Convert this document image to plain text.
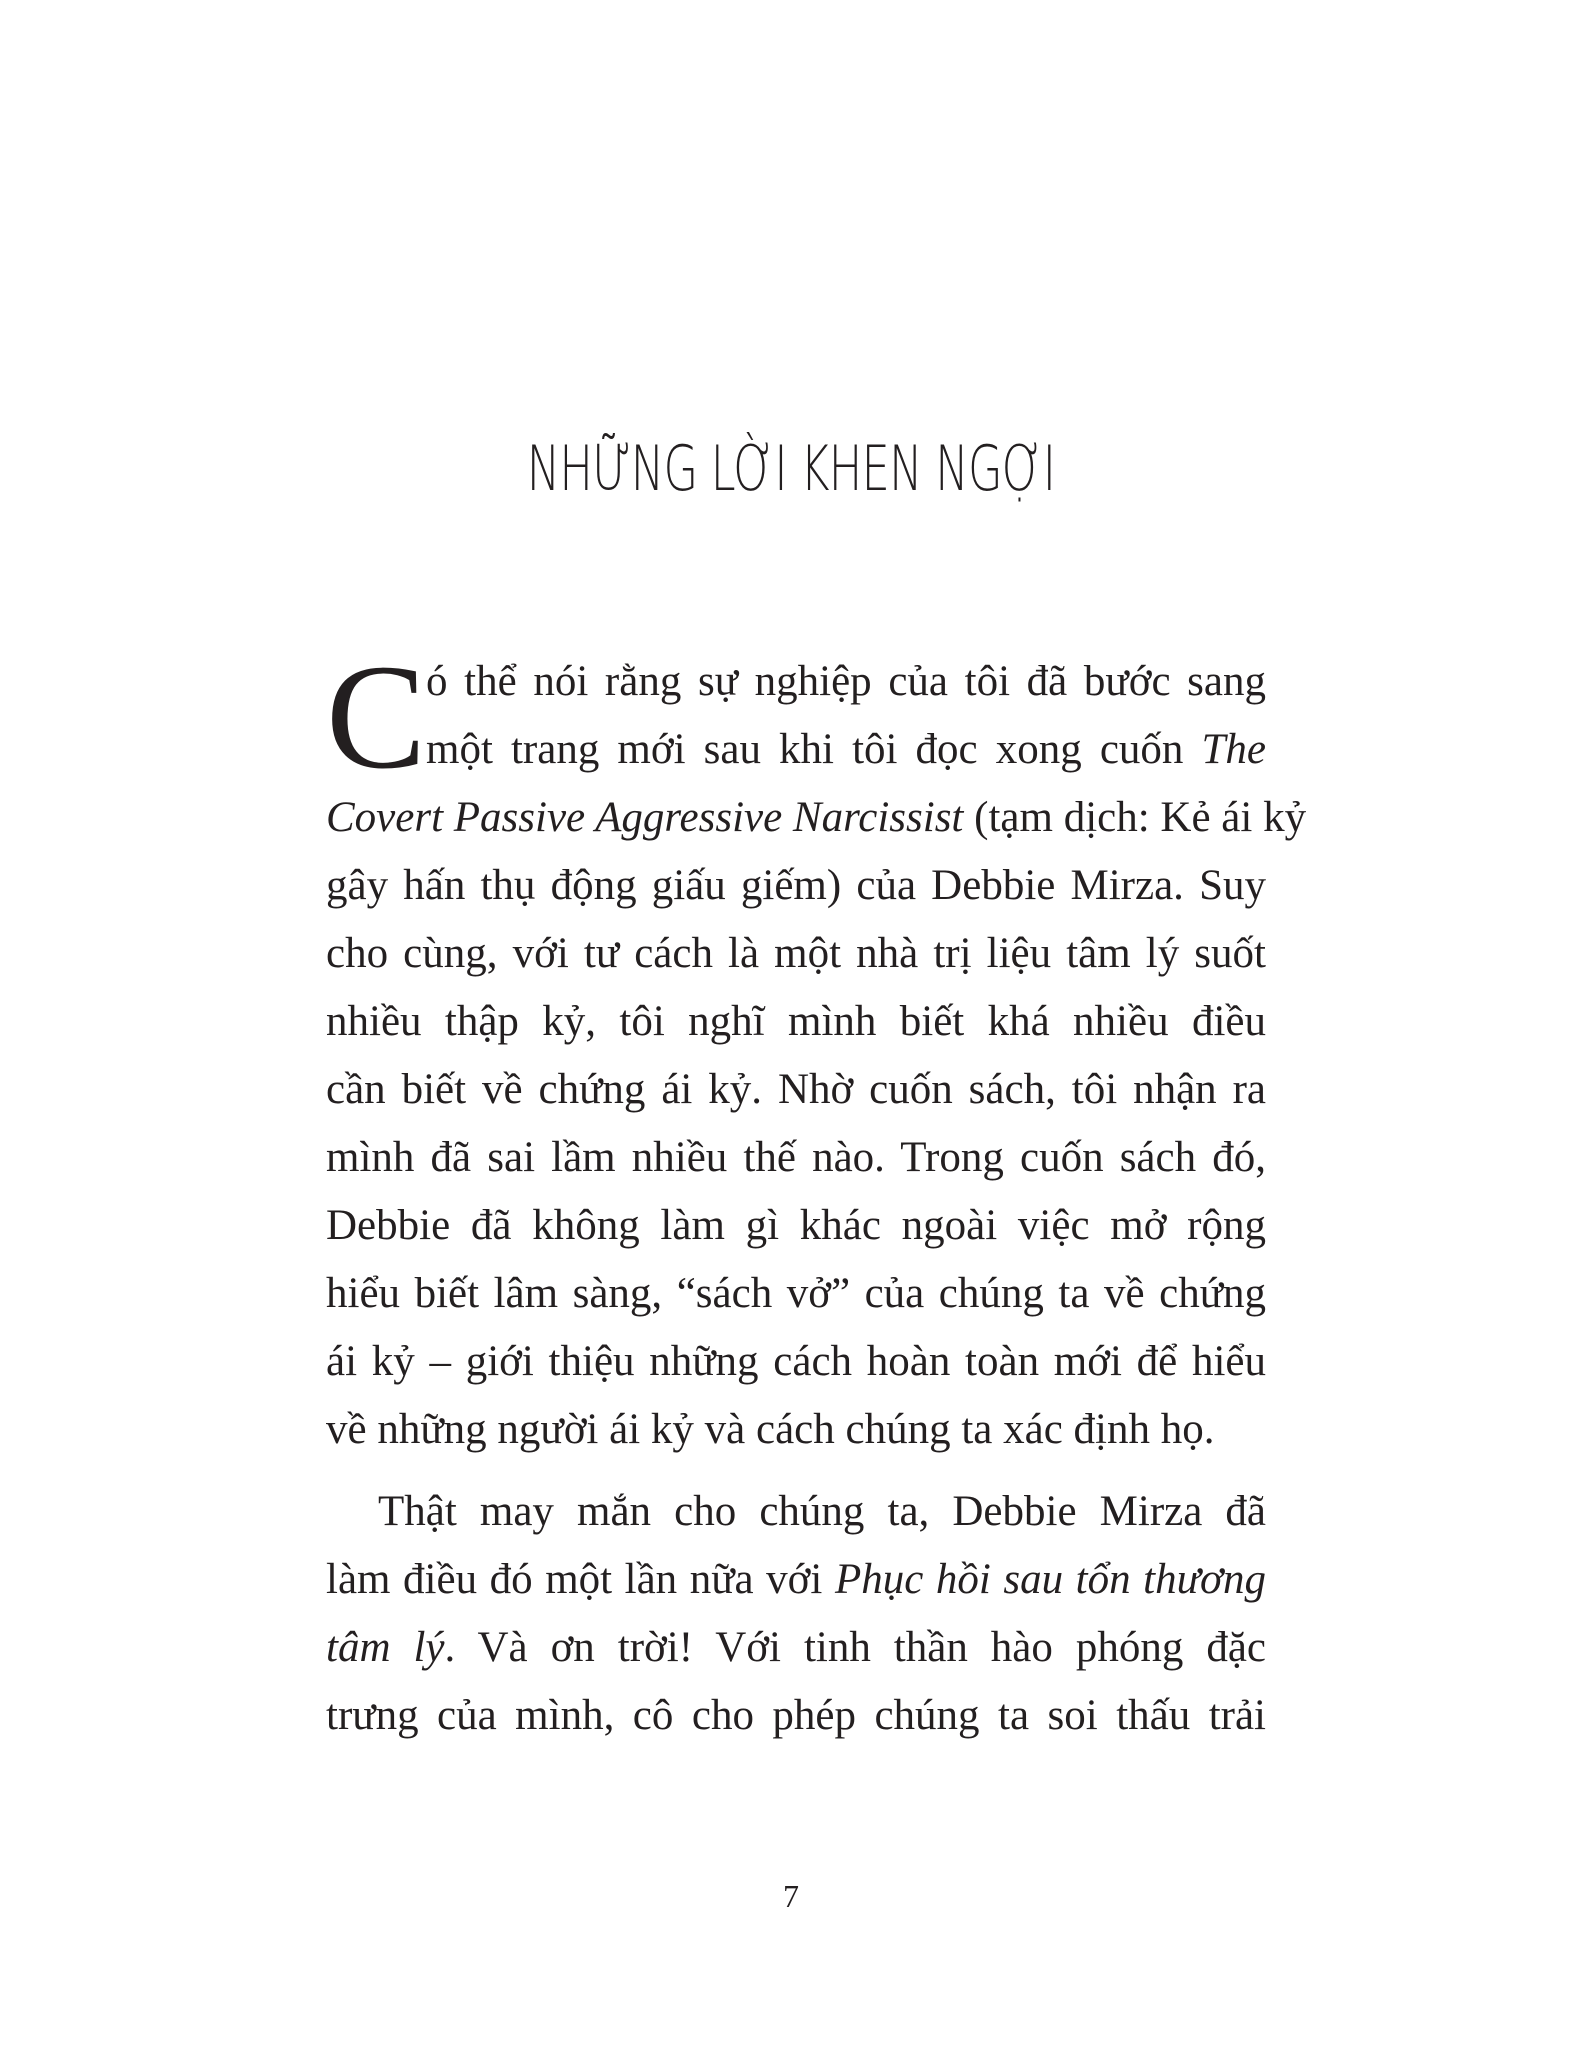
NHỮNG LỜI KHEN NGỢI
C ó thể nói rằng sự nghiệp của tôi đã bước sang
một trang mới sau khi tôi đọc xong cuốn The
Covert Passive Aggressive Narcissist (tạm dịch: Kẻ ái kỷ
gây hấn thụ động giấu giếm) của Debbie Mirza. Suy
cho cùng, với tư cách là một nhà trị liệu tâm lý suốt
nhiều thập kỷ, tôi nghĩ mình biết khá nhiều điều
cần biết về chứng ái kỷ. Nhờ cuốn sách, tôi nhận ra
mình đã sai lầm nhiều thế nào. Trong cuốn sách đó,
Debbie đã không làm gì khác ngoài việc mở rộng
hiểu biết lâm sàng, “sách vở” của chúng ta về chứng
ái kỷ – giới thiệu những cách hoàn toàn mới để hiểu
về những người ái kỷ và cách chúng ta xác định họ.
Thật may mắn cho chúng ta, Debbie Mirza đã
làm điều đó một lần nữa với Phục hồi sau tổn thương
tâm lý. Và ơn trời! Với tinh thần hào phóng đặc
trưng của mình, cô cho phép chúng ta soi thấu trải
7
